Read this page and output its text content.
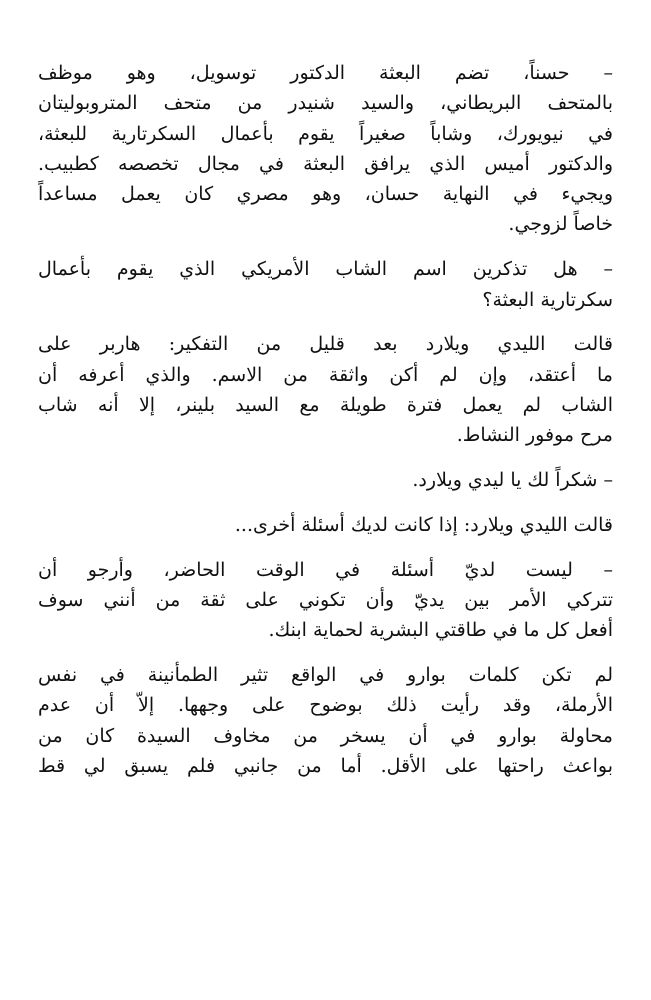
– حسناً، تضم البعثة الدكتور توسويل، وهو موظف
بالمتحف البريطاني، والسيد شنيدر من متحف المتروبوليتان
في نيويورك، وشاباً صغيراً يقوم بأعمال السكرتارية للبعثة،
والدكتور أميس الذي يرافق البعثة في مجال تخصصه كطبيب.
ويجيء في النهاية حسان، وهو مصري كان يعمل مساعداً
خاصاً لزوجي.

– هل تذكرين اسم الشاب الأمريكي الذي يقوم بأعمال
سكرتارية البعثة؟

قالت الليدي ويلارد بعد قليل من التفكير: هاربر على
ما أعتقد، وإن لم أكن واثقة من الاسم. والذي أعرفه أن
الشاب لم يعمل فترة طويلة مع السيد بلينر، إلا أنه شاب
مرح موفور النشاط.

– شكراً لك يا ليدي ويلارد.

قالت الليدي ويلارد: إذا كانت لديك أسئلة أخرى...

– ليست لديّ أسئلة في الوقت الحاضر، وأرجو أن
تتركي الأمر بين يديّ وأن تكوني على ثقة من أنني سوف
أفعل كل ما في طاقتي البشرية لحماية ابنك.

لم تكن كلمات بوارو في الواقع تثير الطمأنينة في نفس
الأرملة، وقد رأيت ذلك بوضوح على وجهها. إلاّ أن عدم
محاولة بوارو في أن يسخر من مخاوف السيدة كان من
بواعث راحتها على الأقل. أما من جانبي فلم يسبق لي قط
